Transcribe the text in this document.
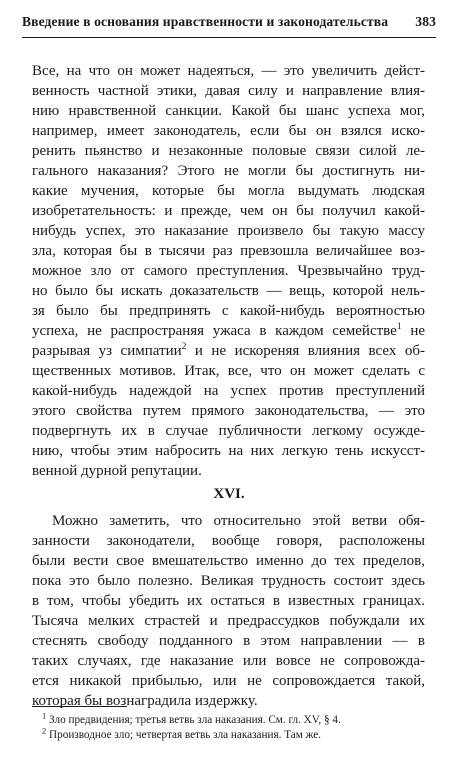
Введение в основания нравственности и законодательства 383
Все, на что он может надеяться, — это увеличить дейст-
венность частной этики, давая силу и направление влия-
нию нравственной санкции. Какой бы шанс успеха мог,
например, имеет законодатель, если бы он взялся иско-
ренить пьянство и незаконные половые связи силой ле-
гального наказания? Этого не могли бы достигнуть ни-
какие мучения, которые бы могла выдумать людская
изобретательность: и прежде, чем он бы получил какой-
нибудь успех, это наказание произвело бы такую массу
зла, которая бы в тысячи раз превзошла величайшее воз-
можное зло от самого преступления. Чрезвычайно труд-
но было бы искать доказательств — вещь, которой нель-
зя было бы предпринять с какой-нибудь вероятностью
успеха, не распространяя ужаса в каждом семействе$^1$ не
разрывая уз симпатии$^2$ и не искореняя влияния всех об-
щественных мотивов. Итак, все, что он может сделать с
какой-нибудь надеждой на успех против преступлений
этого свойства путем прямого законодательства, — это
подвергнуть их в случае публичности легкому осужде-
нию, чтобы этим набросить на них легкую тень искусст-
венной дурной репутации.
XVI.
Можно заметить, что относительно этой ветви обя-
занности законодатели, вообще говоря, расположены
были вести свое вмешательство именно до тех пределов,
пока это было полезно. Великая трудность состоит здесь
в том, чтобы убедить их остаться в известных границах.
Тысяча мелких страстей и предрассудков побуждали их
стеснять свободу подданного в этом направлении — в
таких случаях, где наказание или вовсе не сопровожда-
ется никакой прибылью, или не сопровождается такой,
которая бы вознаградила издержку.
$^1$ Зло предвидения; третья ветвь зла наказания. См. гл. XV, § 4.
$^2$ Производное зло; четвертая ветвь зла наказания. Там же.
